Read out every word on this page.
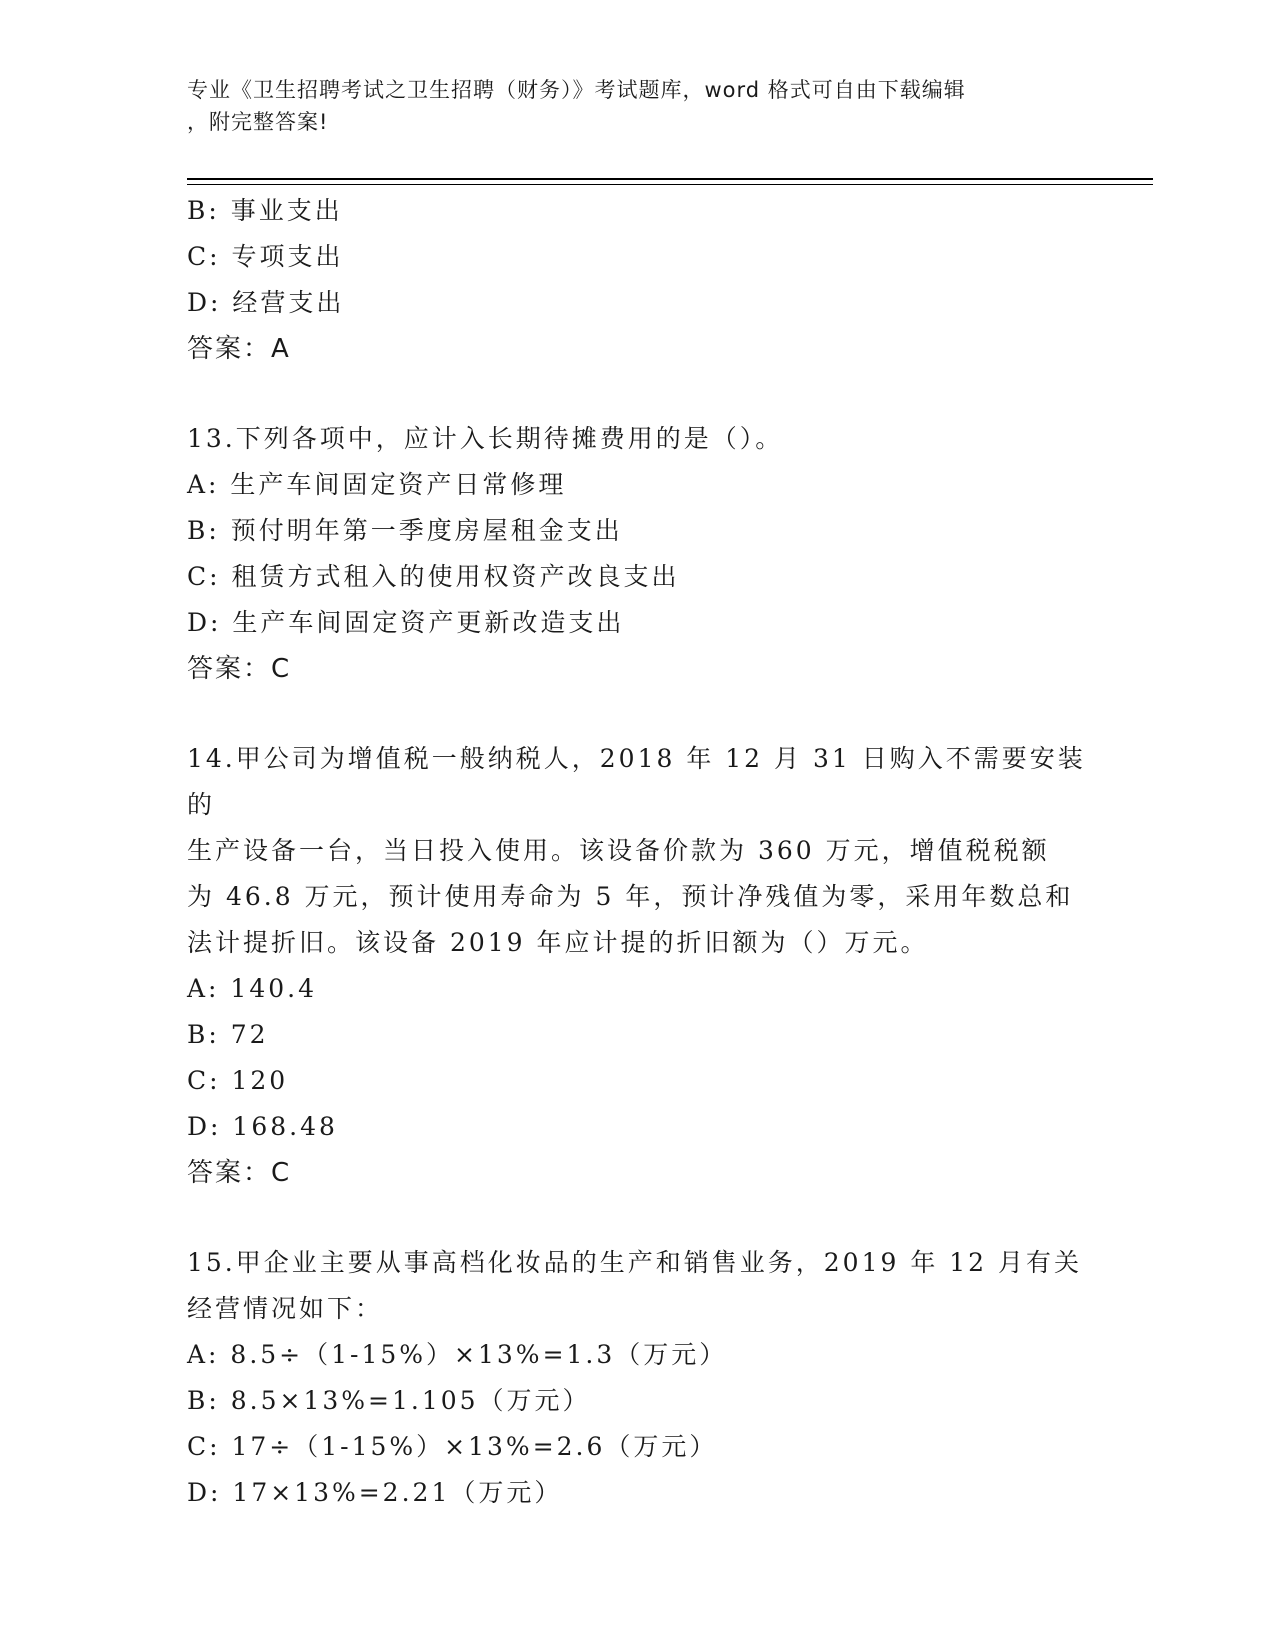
专业《卫生招聘考试之卫生招聘（财务）》考试题库，word 格式可自由下载编辑
，附完整答案!
B: 事业支出
C: 专项支出
D: 经营支出
答案：A
13.下列各项中，应计入长期待摊费用的是（）。
A: 生产车间固定资产日常修理
B: 预付明年第一季度房屋租金支出
C: 租赁方式租入的使用权资产改良支出
D: 生产车间固定资产更新改造支出
答案：C
14.甲公司为增值税一般纳税人，2018 年 12 月 31 日购入不需要安装的
生产设备一台，当日投入使用。该设备价款为 360 万元，增值税税额
为 46.8 万元，预计使用寿命为 5 年，预计净残值为零，采用年数总和
法计提折旧。该设备 2019 年应计提的折旧额为（）万元。
A: 140.4
B: 72
C: 120
D: 168.48
答案：C
15.甲企业主要从事高档化妆品的生产和销售业务，2019 年 12 月有关
经营情况如下：
A: 8.5÷（1-15%）×13%=1.3（万元）
B: 8.5×13%=1.105（万元）
C: 17÷（1-15%）×13%=2.6（万元）
D: 17×13%=2.21（万元）
